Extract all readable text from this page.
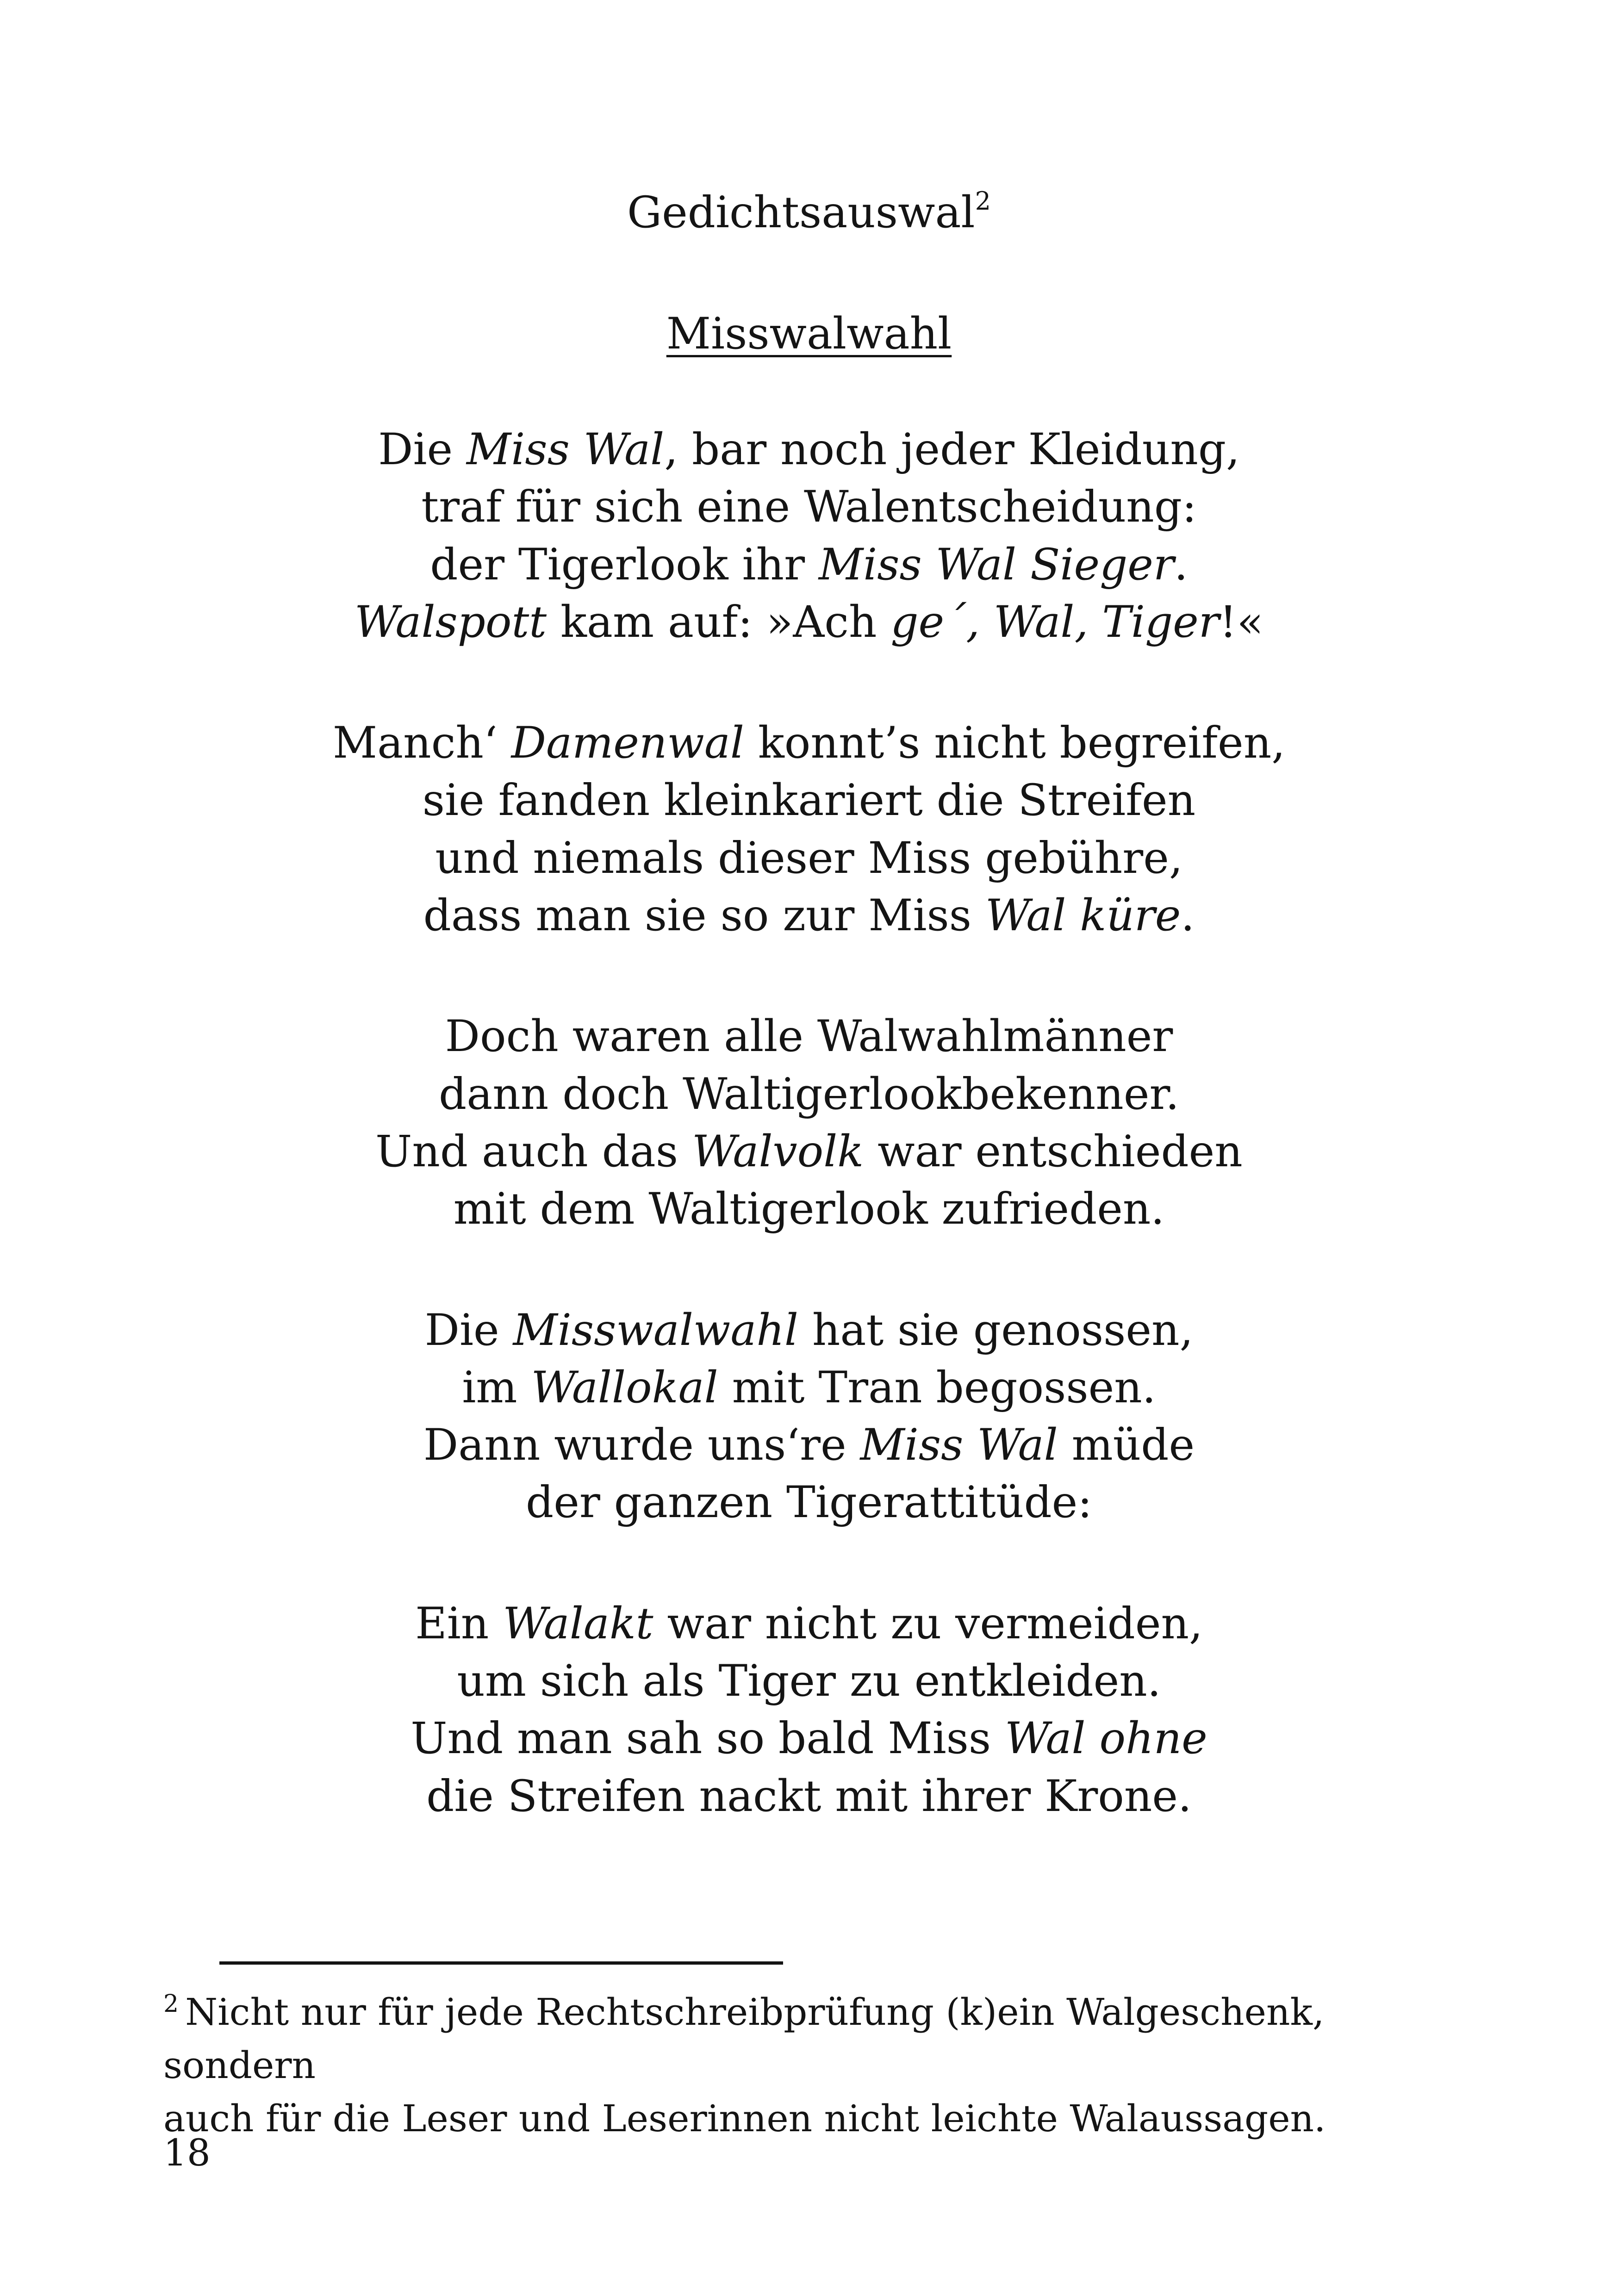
Gedichtsauswal$^2$
Misswalwahl
Die Miss Wal, bar noch jeder Kleidung,
traf für sich eine Walentscheidung:
der Tigerlook ihr Miss Wal Sieger.
Walspott kam auf: »Ach ge´, Wal, Tiger!«
Manch‘ Damenwal konnt’s nicht begreifen,
sie fanden kleinkariert die Streifen
und niemals dieser Miss gebühre,
dass man sie so zur Miss Wal küre.
Doch waren alle Walwahlmänner
dann doch Waltigerlookbekenner.
Und auch das Walvolk war entschieden
mit dem Waltigerlook zufrieden.
Die Misswalwahl hat sie genossen,
im Wallokal mit Tran begossen.
Dann wurde uns‘re Miss Wal müde
der ganzen Tigerattitüde:
Ein Walakt war nicht zu vermeiden,
um sich als Tiger zu entkleiden.
Und man sah so bald Miss Wal ohne
die Streifen nackt mit ihrer Krone.
$^2$ Nicht nur für jede Rechtschreibprüfung (k)ein Walgeschenk, sondern
auch für die Leser und Leserinnen nicht leichte Walaussagen.
18
